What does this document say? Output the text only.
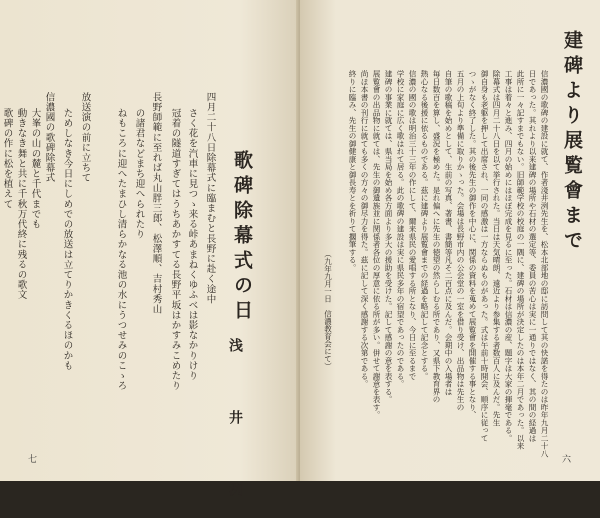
歌碑除幕式の日
浅　井　洌
四月二十八日除幕式に臨まむと長野に赴く途中
さく花を汽車に見つゝ来る峠あまねくゆふべは影なかりけり
冠着の隧道すぎてはうちあかすてる長野平坂はかすみこめたり
長野師範に至れば丸山胖三郎、松澤順、吉村秀山
の諸君などまち迎へられたり
ねもころに迎へたまひし清らかなる池の水にうつせみのこゝろ
放送演の前に立ちて
ためしなき今日にしめでの放送は立てりかきくるほのかも
信濃國の歌碑除幕式
大峯の山の麓と千代までも
動きなき舞と共に千秋万代終に残るの歌文
歌碑の作に松を植えて
七
建碑より展覧會まで
信濃國の歌碑の建設に就て、作者淺井洌先生を、松本北部地の邸に訪問して其の快諾を得たのは昨年九月二十八
日であった。其れより以来建碑の場所や石材の選定等、委員の苦心は実に一通りではなく、其の間の経過は
此所に一々記すまでもない。旧師範学校の校庭の一隅に、建碑の場所が決定したのは本年二月であった。以来
工事は着々と進み、四月の始めにはほぼ完成を見るに至った。石材は信濃の産、題字は大家の揮毫である。
除幕式は四月二十八日を以て挙行された。当日は天気晴朗、遠近より参集する者数百人に及んだ。先生
御自身も老躯を押して出席され、一同の感激は一方ならぬものがあった。式は午前十時開会、順序に従って
つゝがなく終了した。其の後先生の御作を中心に、関係の資料を蒐めて展覧會を開催する事となり、
五月の上旬より準備に取りかゝった。会場は長野市内の公会堂の一室を借り受け、出品物は先生の
自筆の歌稿を始めとして、生前の写真、著書、書簡等凡そ二百点に及んだ。会期中の入場者は
毎日数百を算し、盛況を極めた。是れ偏へに先生の徳望の然らしむる所であり、又県下教育界の
熱心なる後援に依るものである。茲に建碑より展覧會までの経過を略記して記念とする。
信濃の國の歌は明治三十三年の作にして、爾来県民の愛唱する所となり、今日に至るまで
学校に家庭に広く歌はれて居る。此の歌碑の建設は実に県民多年の宿望であったのである。
建碑の事業に就ては、県当局を始め各方面より多大の援助を受けた。記して感謝の意を表する。
展覧會の出品物に就ては、先生の御遺族並に関係者各位の厚意に依る所が多い。併せて謝意を表す。
尚ほ本書の刊行に就ても多くの方々の御尽力を得た。茲に記して深く感謝する次第である。
終りに臨み、先生の御健康と御長寿とを祈りて擱筆する。
（九年九月一日　信濃教育会にて）
六
